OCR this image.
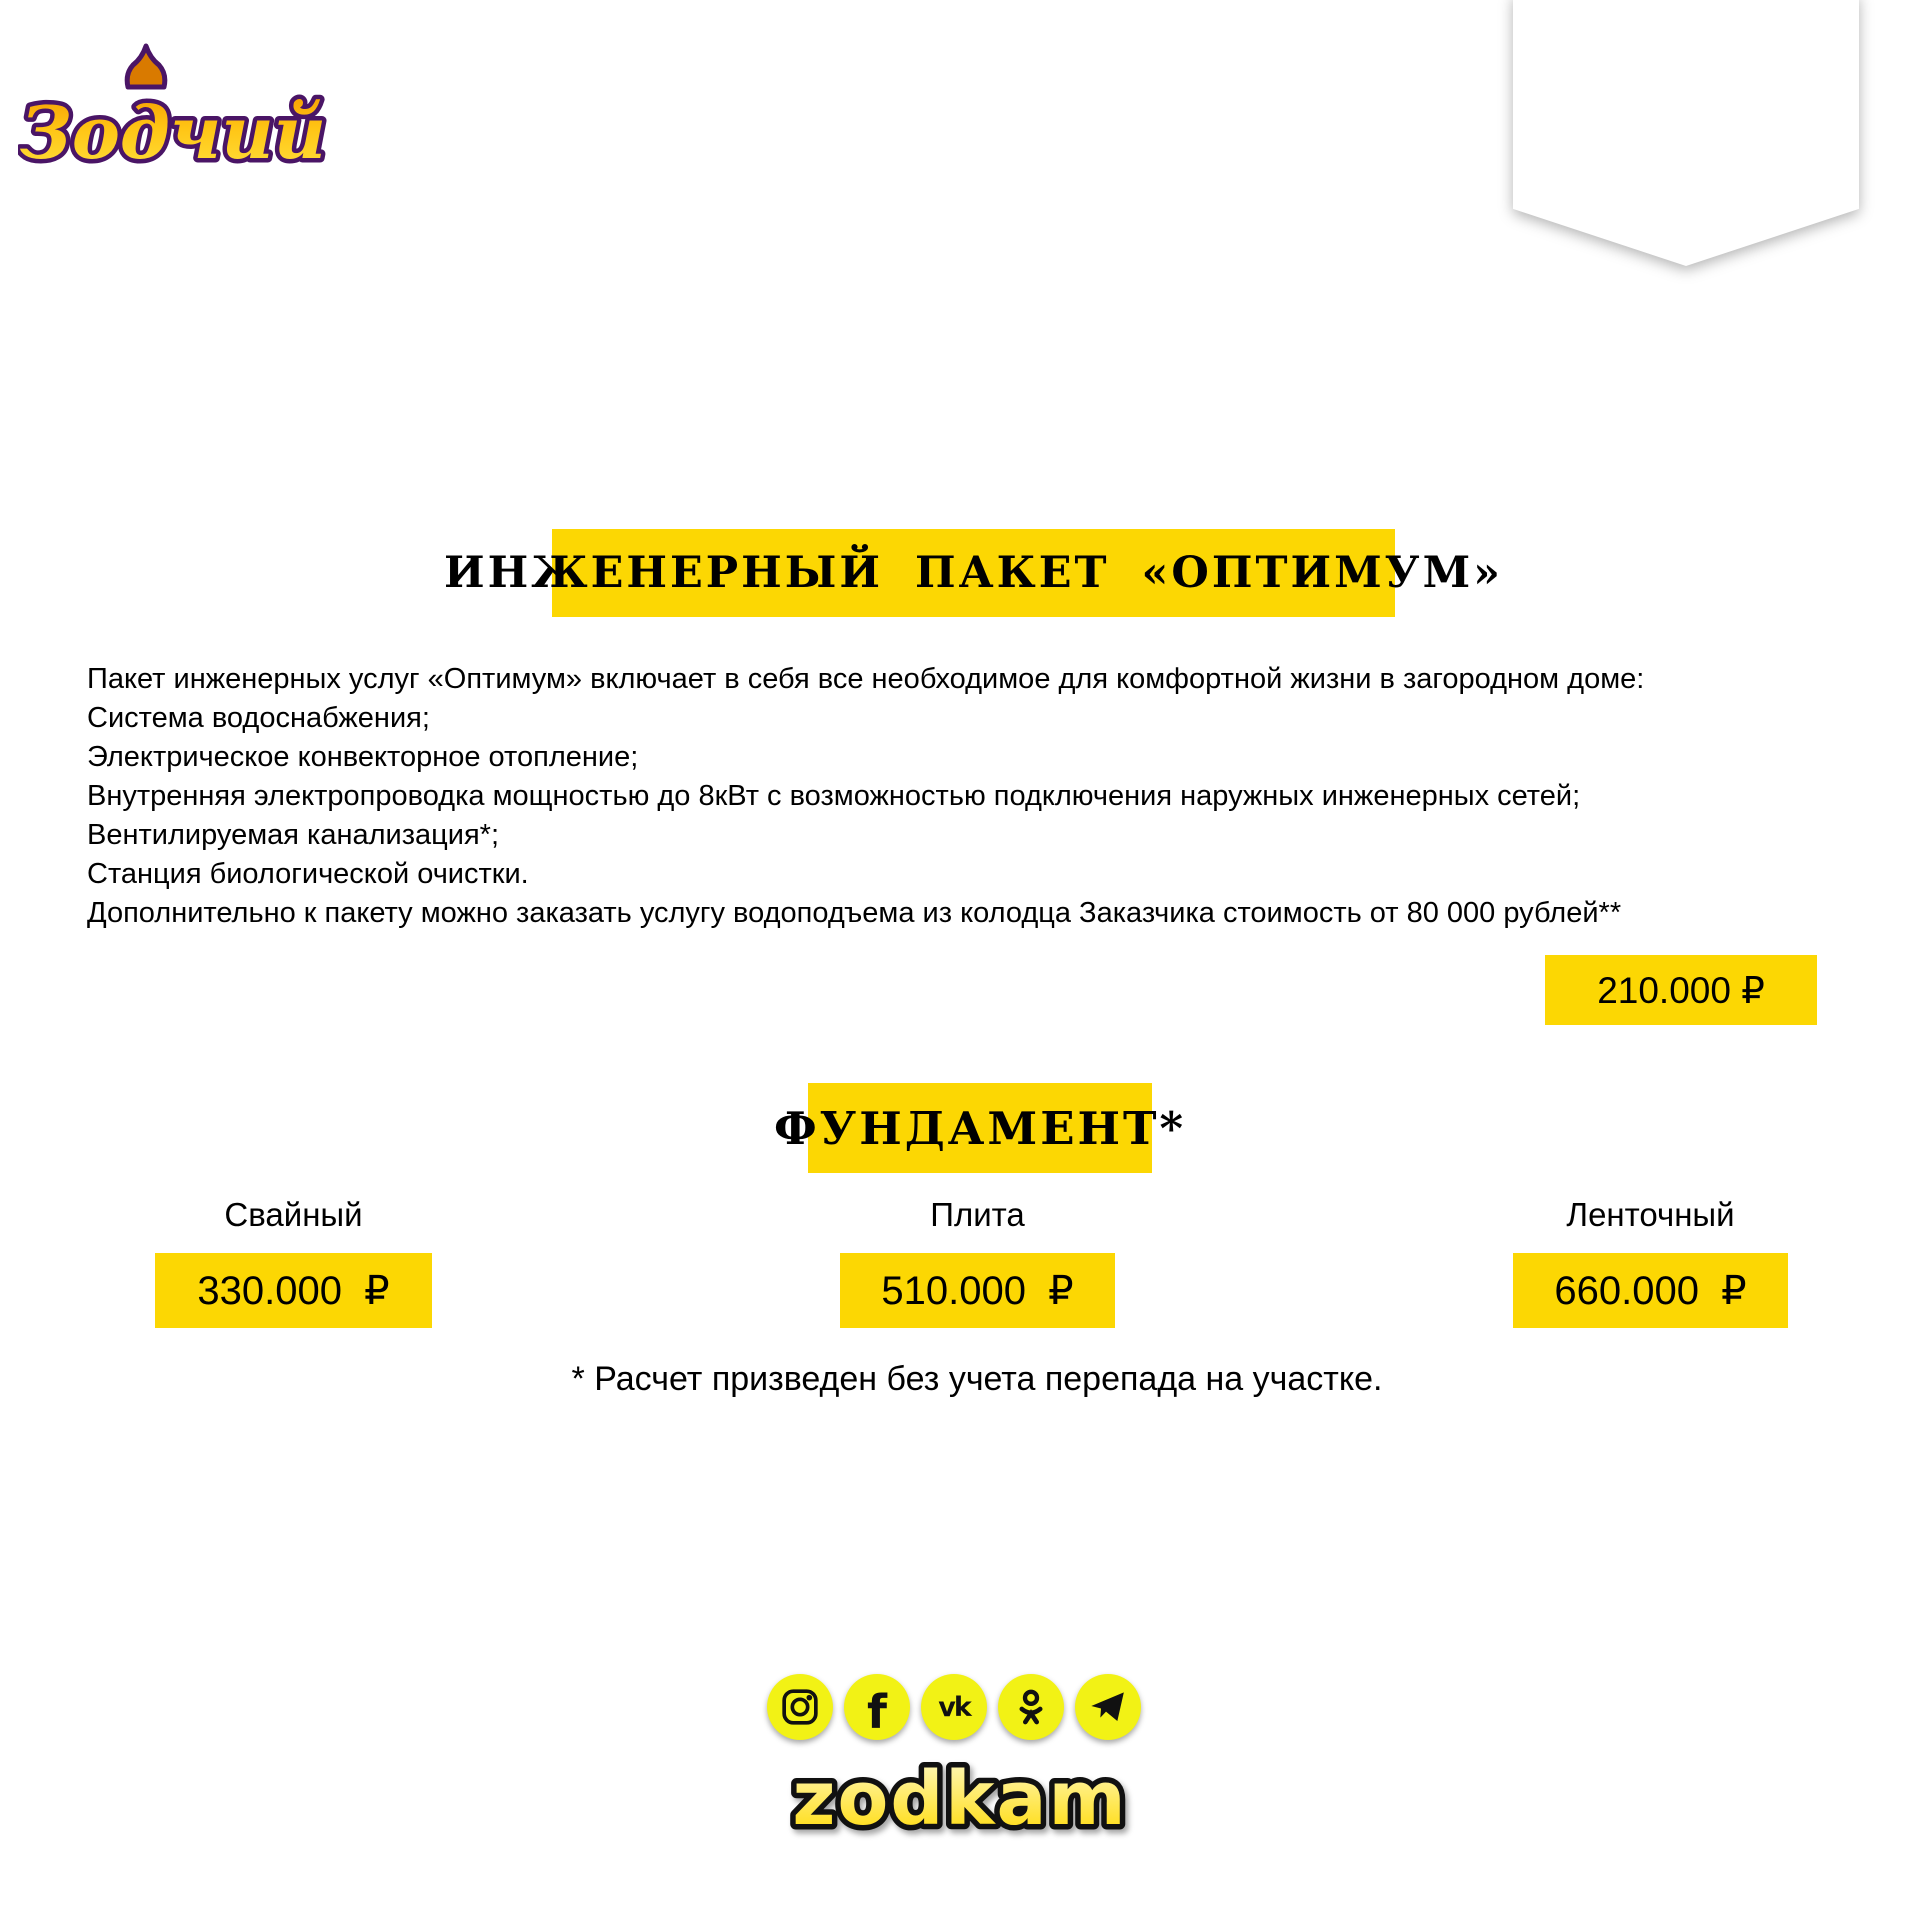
Зодчий
ИНЖЕНЕРНЫЙ ПАКЕТ «ОПТИМУМ»
Пакет инженерных услуг «Оптимум» включает в себя все необходимое для комфортной жизни в загородном доме:
Система водоснабжения;
Электрическое конвекторное отопление;
Внутренняя электропроводка мощностью до 8кВт с возможностью подключения наружных инженерных сетей;
Вентилируемая канализация*;
Станция биологической очистки.
Дополнительно к пакету можно заказать услугу водоподъема из колодца Заказчика стоимость от 80 000 рублей**
210.000 ₽
ФУНДАМЕНТ*
Свайный	Плита	Ленточный
330.000  ₽	510.000  ₽	660.000  ₽
* Расчет призведен без учета перепада на участке.
f vk
zodkam
